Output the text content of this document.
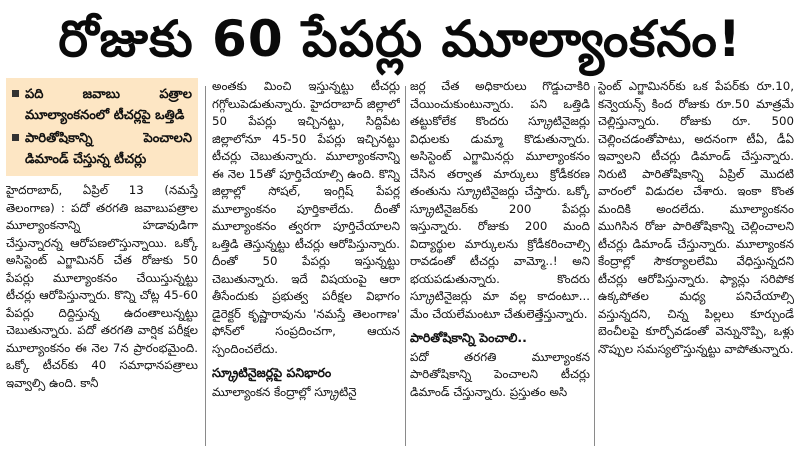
రోజుకు 60 పేపర్లు మూల్యాంకనం!
పది జవాబు పత్రాల మూల్యాంకనంలో టీచర్లపై ఒత్తిడి
పారితోషికాన్ని పెంచాలని డిమాండ్ చేస్తున్న టీచర్లు

హైదరాబాద్, ఏప్రిల్ 13 (నమస్తే తెలంగాణ) : పదో తరగతి జవాబుపత్రాల మూల్యాంకనాన్ని హడావుడిగా చేస్తున్నారన్న ఆరోపణలొస్తున్నాయి. ఒక్కో అసిస్టెంట్ ఎగ్జామినర్ చేత రోజుకు 50 పేపర్లు మూల్యాంకనం చేయిస్తున్నట్టు టీచర్లు ఆరోపిస్తున్నారు. కొన్ని చోట్ల 45-60 పేపర్లు దిద్దిస్తున్న ఉదంతాలున్నట్టు చెబుతున్నారు. పదో తరగతి వార్షిక పరీక్షల మూల్యాంకనం ఈ నెల 7న ప్రారంభమైంది. ఒక్కో టీచర్‌కు 40 సమాధానపత్రాలు ఇవ్వాల్సి ఉంది. కానీ

అంతకు మించి ఇస్తున్నట్టు టీచర్లు గగ్గోలుపెడుతున్నారు. హైదరాబాద్ జిల్లాలో 50 పేపర్లు ఇచ్చినట్టు, సిద్దిపేట జిల్లాలోనూ 45-50 పేపర్లు ఇచ్చినట్టు టీచర్లు చెబుతున్నారు. మూల్యాంకనాన్ని ఈ నెల 15తో పూర్తిచేయాల్సి ఉంది. కొన్ని జిల్లాల్లో సోషల్, ఇంగ్లిష్ పేపర్ల మూల్యాంకనం పూర్తికాలేదు. దీంతో మూల్యాంకనం త్వరగా పూర్తిచేయాలని ఒత్తిడి తెస్తున్నట్టు టీచర్లు ఆరోపిస్తున్నారు. దీంతో 50 పేపర్లు ఇస్తున్నట్టు చెబుతున్నారు. ఇదే విషయంపై ఆరా తీసేందుకు ప్రభుత్వ పరీక్షల విభాగం డైరెక్టర్ కృష్ణారావును 'నమస్తే తెలంగాణ' ఫోన్‌లో సంప్రదించగా, ఆయన స్పందించలేదు.

స్క్రూటినైజర్లపై పనిభారం

మూల్యాంకన కేంద్రాల్లో స్క్రూటినై

జర్ల చేత అధికారులు గొడ్డుచాకిరి చేయించుకుంటున్నారు. పని ఒత్తిడి తట్టుకోలేక కొందరు స్క్రూటినైజర్లు విధులకు డుమ్మా కొడుతున్నారు. అసిస్టెంట్ ఎగ్జామినర్లు మూల్యాంకనం చేసిన తర్వాత మార్కులు క్రోడీకరణ తంతును స్క్రూటినైజర్లు చేస్తారు. ఒక్కో స్క్రూటినైజర్‌కు 200 పేపర్లు ఇస్తున్నారు. రోజుకు 200 మంది విద్యార్థుల మార్కులను క్రోడీకరించాల్సి రావడంతో టీచర్లు వామ్మో..! అని భయపడుతున్నారు. కొందరు స్క్రూటినైజర్లు మా వల్ల కాదంటూ... మేం చేయలేమంటూ చేతులెత్తేస్తున్నారు.

పారితోషికాన్ని పెంచాలి..

పదో తరగతి మూల్యాంకన పారితోషికాన్ని పెంచాలని టీచర్లు డిమాండ్ చేస్తున్నారు. ప్రస్తుతం అసి

స్టెంట్ ఎగ్జామినర్‌కు ఒక పేపర్‌కు రూ.10, కన్వెయన్స్ కింద రోజుకు రూ.50 మాత్రమే చెల్లిస్తున్నారు. రోజుకు రూ. 500 చెల్లించడంతోపాటు, అదనంగా టీఏ, డీఏ ఇవ్వాలని టీచర్లు డిమాండ్ చేస్తున్నారు. నిరుటి పారితోషికాన్ని ఏప్రిల్ మొదటి వారంలో విడుదల చేశారు. ఇంకా కొంత మందికి అందలేదు. మూల్యాంకనం ముగిసిన రోజు పారితోషికాన్ని చెల్లించాలని టీచర్లు డిమాండ్ చేస్తున్నారు. మూల్యాంకన కేంద్రాల్లో సౌకర్యాలలేమి వేధిస్తున్నదని టీచర్లు ఆరోపిస్తున్నారు. ఫ్యాన్లు సరిపోక ఉక్కపోతల మధ్య పనిచేయాల్సి వస్తున్నదని, చిన్న పిల్లలు కూర్చుండే బెంచీలపై కూర్చోవడంతో వెన్నునొప్పి, ఒళ్లు నొప్పుల సమస్యలొస్తున్నట్టు వాపోతున్నారు.
